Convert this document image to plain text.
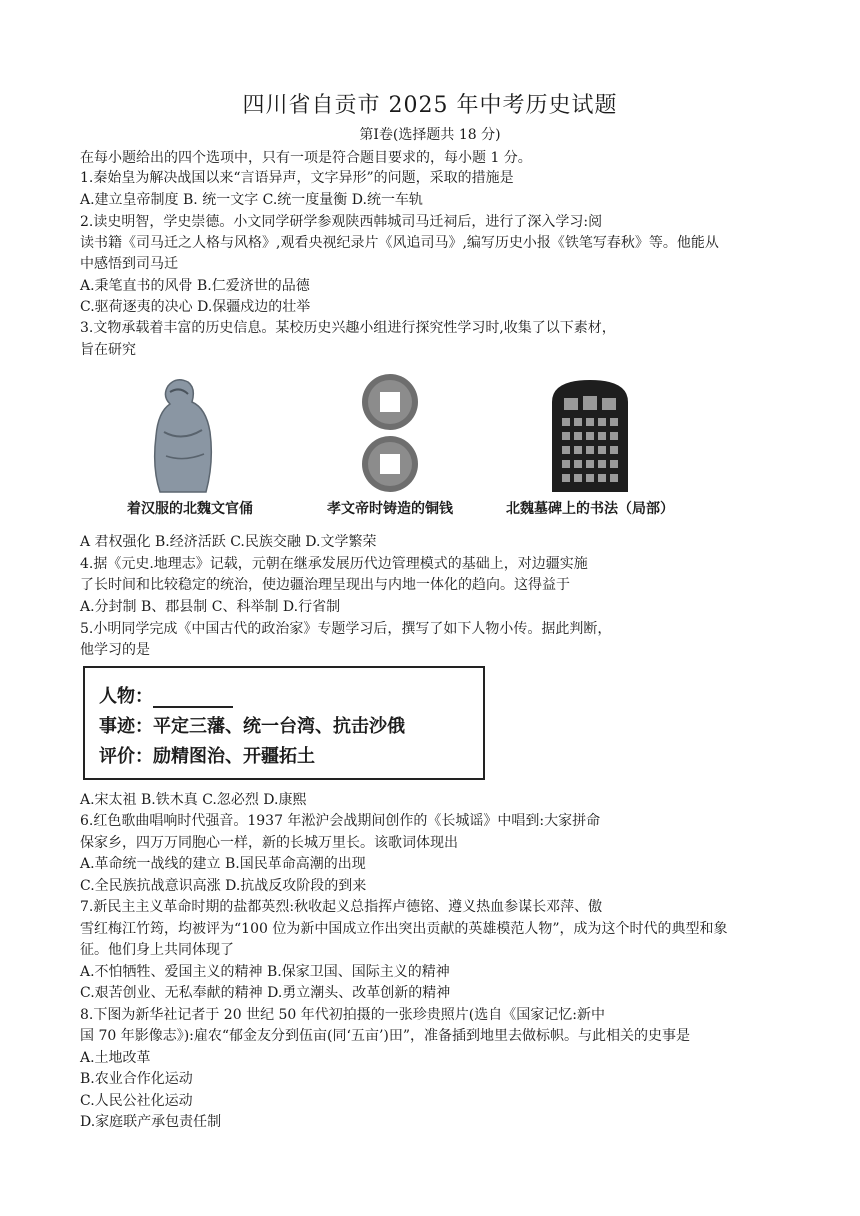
四川省自贡市 2025 年中考历史试题
第Ⅰ卷(选择题共 18 分)
在每小题给出的四个选项中，只有一项是符合题目要求的，每小题 1 分。
1.秦始皇为解决战国以来“言语异声，文字异形”的问题，采取的措施是
A.建立皇帝制度 B. 统一文字 C.统一度量衡 D.统一车轨
2.读史明智，学史崇德。小文同学研学参观陕西韩城司马迁祠后，进行了深入学习:阅
读书籍《司马迁之人格与风格》,观看央视纪录片《风追司马》,编写历史小报《铁笔写春秋》等。他能从
中感悟到司马迁
A.秉笔直书的风骨 B.仁爱济世的品德
C.驱荷逐夷的决心 D.保疆戍边的壮举
3.文物承载着丰富的历史信息。某校历史兴趣小组进行探究性学习时,收集了以下素材，
旨在研究
着汉服的北魏文官俑	孝文帝时铸造的铜钱	北魏墓碑上的书法（局部）
A 君权强化 B.经济活跃 C.民族交融 D.文学繁荣
4.据《元史.地理志》记载，元朝在继承发展历代边管理模式的基础上，对边疆实施
了长时间和比较稳定的统治，使边疆治理呈现出与内地一体化的趋向。这得益于
A.分封制 B、郡县制 C、科举制 D.行省制
5.小明同学完成《中国古代的政治家》专题学习后，撰写了如下人物小传。据此判断，
他学习的是
人物：
事迹：平定三藩、统一台湾、抗击沙俄
评价：励精图治、开疆拓土
A.宋太祖 B.铁木真 C.忽必烈 D.康熙
6.红色歌曲唱响时代强音。1937 年淞沪会战期间创作的《长城谣》中唱到:大家拼命
保家乡，四万万同胞心一样，新的长城万里长。该歌词体现出
A.革命统一战线的建立 B.国民革命高潮的出现
C.全民族抗战意识高涨 D.抗战反攻阶段的到来
7.新民主主义革命时期的盐都英烈:秋收起义总指挥卢德铭、遵义热血参谋长邓萍、傲
雪红梅江竹筠，均被评为“100 位为新中国成立作出突出贡献的英雄模范人物”，成为这个时代的典型和象
征。他们身上共同体现了
A.不怕牺牲、爱国主义的精神 B.保家卫国、国际主义的精神
C.艰苦创业、无私奉献的精神 D.勇立潮头、改革创新的精神
8.下图为新华社记者于 20 世纪 50 年代初拍摄的一张珍贵照片(选自《国家记忆:新中
国 70 年影像志》):雇农“郁金友分到伍亩(同‘五亩’)田”，准备插到地里去做标帜。与此相关的史事是
A.土地改革
B.农业合作化运动
C.人民公社化运动
D.家庭联产承包责任制
